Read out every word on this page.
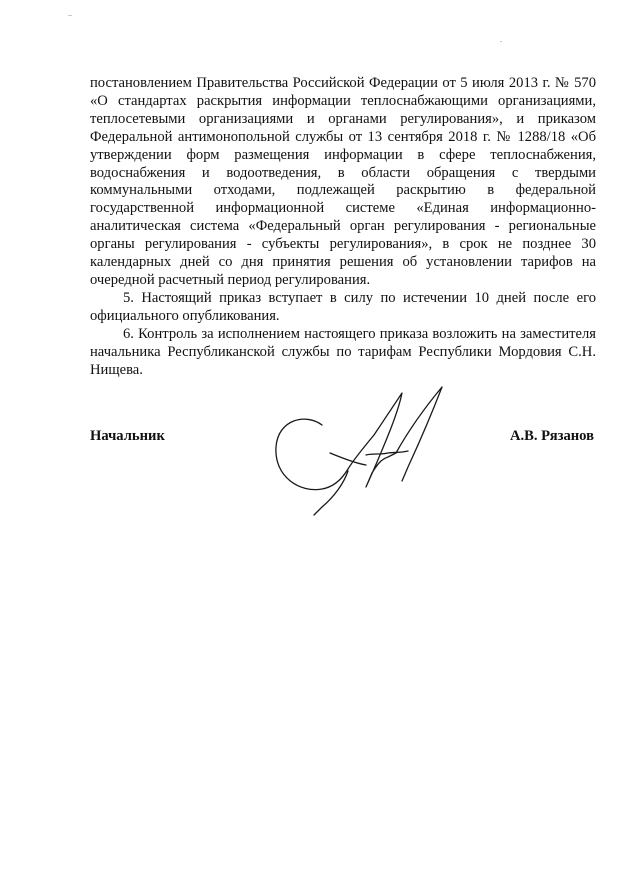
..
.

постановлением Правительства Российской Федерации от 5 июля 2013 г. № 570 «О стандартах раскрытия информации теплоснабжающими организациями, теплосетевыми организациями и органами регулирования», и приказом Федеральной антимонопольной службы от 13 сентября 2018 г. № 1288/18 «Об утверждении форм размещения информации в сфере теплоснабжения, водоснабжения и водоотведения, в области обращения с твердыми коммунальными отходами, подлежащей раскрытию в федеральной государственной информационной системе «Единая информационно-аналитическая система «Федеральный орган регулирования - региональные органы регулирования - субъекты регулирования», в срок не позднее 30 календарных дней со дня принятия решения об установлении тарифов на очередной расчетный период регулирования.

5. Настоящий приказ вступает в силу по истечении 10 дней после его официального опубликования.

6. Контроль за исполнением настоящего приказа возложить на заместителя начальника Республиканской службы по тарифам Республики Мордовия С.Н. Нищева.

Начальник	А.В. Рязанов
